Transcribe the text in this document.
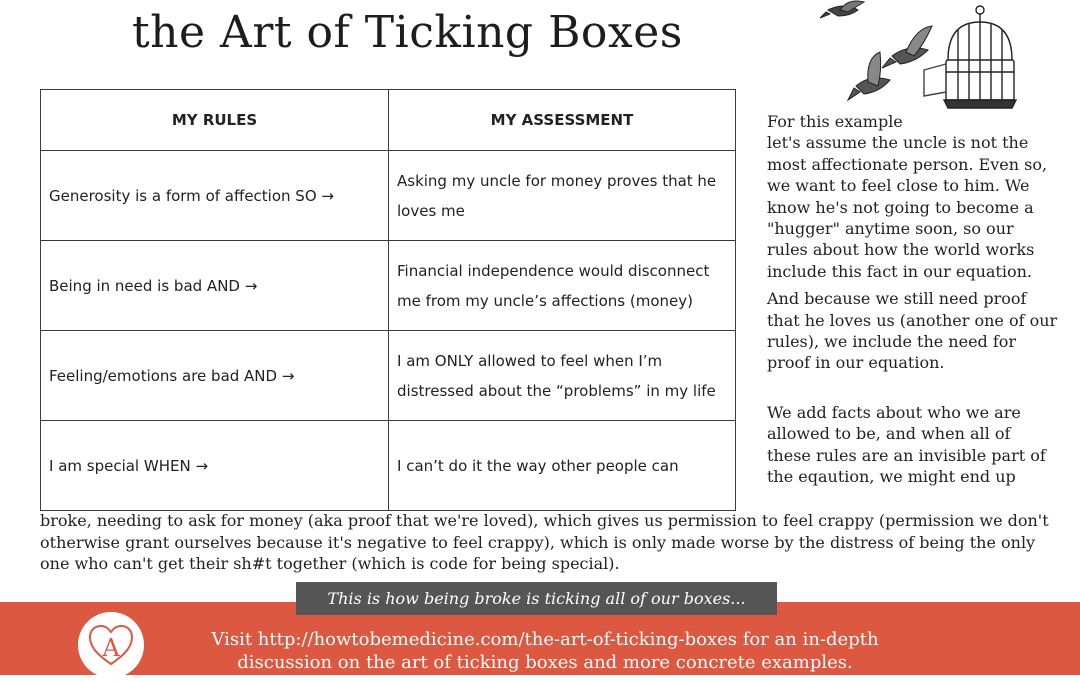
the Art of Ticking Boxes
MY RULES	MY ASSESSMENT
Generosity is a form of affection SO →	Asking my uncle for money proves that he loves me
Being in need is bad AND →	Financial independence would disconnect me from my uncle’s affections (money)
Feeling/emotions are bad AND →	I am ONLY allowed to feel when I’m distressed about the “problems” in my life
I am special WHEN →	I can’t do it the way other people can

For this example
let's assume the uncle is not the most affectionate person. Even so, we want to feel close to him. We know he's not going to become a "hugger" anytime soon, so our rules about how the world works include this fact in our equation.

And because we still need proof that he loves us (another one of our rules), we include the need for proof in our equation.

We add facts about who we are allowed to be, and when all of these rules are an invisible part of the eqaution, we might end up

broke, needing to ask for money (aka proof that we're loved), which gives us permission to feel crappy (permission we don't otherwise grant ourselves because it's negative to feel crappy), which is only made worse by the distress of being the only one who can't get their sh#t together (which is code for being special).
This is how being broke is ticking all of our boxes...
A	Visit http://howtobemedicine.com/the-art-of-ticking-boxes for an in-depth discussion on the art of ticking boxes and more concrete examples.
